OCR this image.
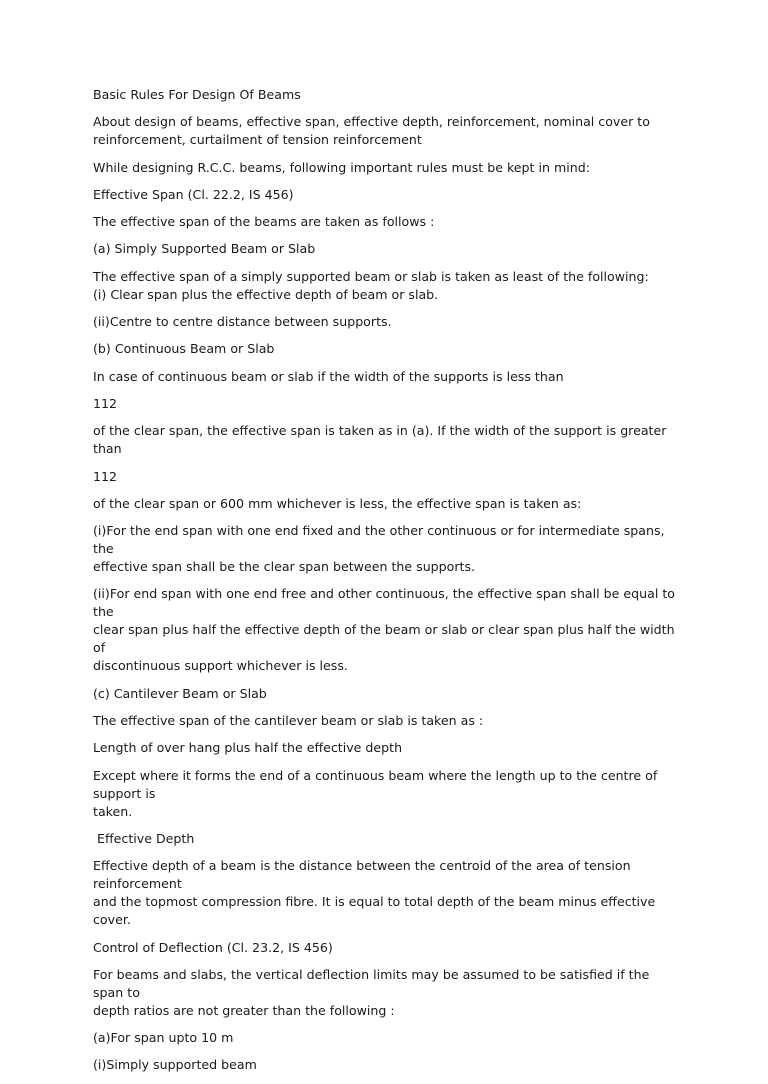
Basic Rules For Design Of Beams

About design of beams, effective span, effective depth, reinforcement, nominal cover to
reinforcement, curtailment of tension reinforcement

While designing R.C.C. beams, following important rules must be kept in mind:

Effective Span (Cl. 22.2, IS 456)

The effective span of the beams are taken as follows :

(a) Simply Supported Beam or Slab

The effective span of a simply supported beam or slab is taken as least of the following:
(i) Clear span plus the effective depth of beam or slab.

(ii)Centre to centre distance between supports.

(b) Continuous Beam or Slab

In case of continuous beam or slab if the width of the supports is less than

112

of the clear span, the effective span is taken as in (a). If the width of the support is greater than

112

of the clear span or 600 mm whichever is less, the effective span is taken as:

(i)For the end span with one end fixed and the other continuous or for intermediate spans, the
effective span shall be the clear span between the supports.

(ii)For end span with one end free and other continuous, the effective span shall be equal to the
clear span plus half the effective depth of the beam or slab or clear span plus half the width of
discontinuous support whichever is less.

(c) Cantilever Beam or Slab

The effective span of the cantilever beam or slab is taken as :

Length of over hang plus half the effective depth

Except where it forms the end of a continuous beam where the length up to the centre of support is
taken.

Effective Depth

Effective depth of a beam is the distance between the centroid of the area of tension reinforcement
and the topmost compression fibre. It is equal to total depth of the beam minus effective cover.

Control of Deflection (Cl. 23.2, IS 456)

For beams and slabs, the vertical deflection limits may be assumed to be satisfied if the span to
depth ratios are not greater than the following :

(a)For span upto 10 m

(i)Simply supported beam
